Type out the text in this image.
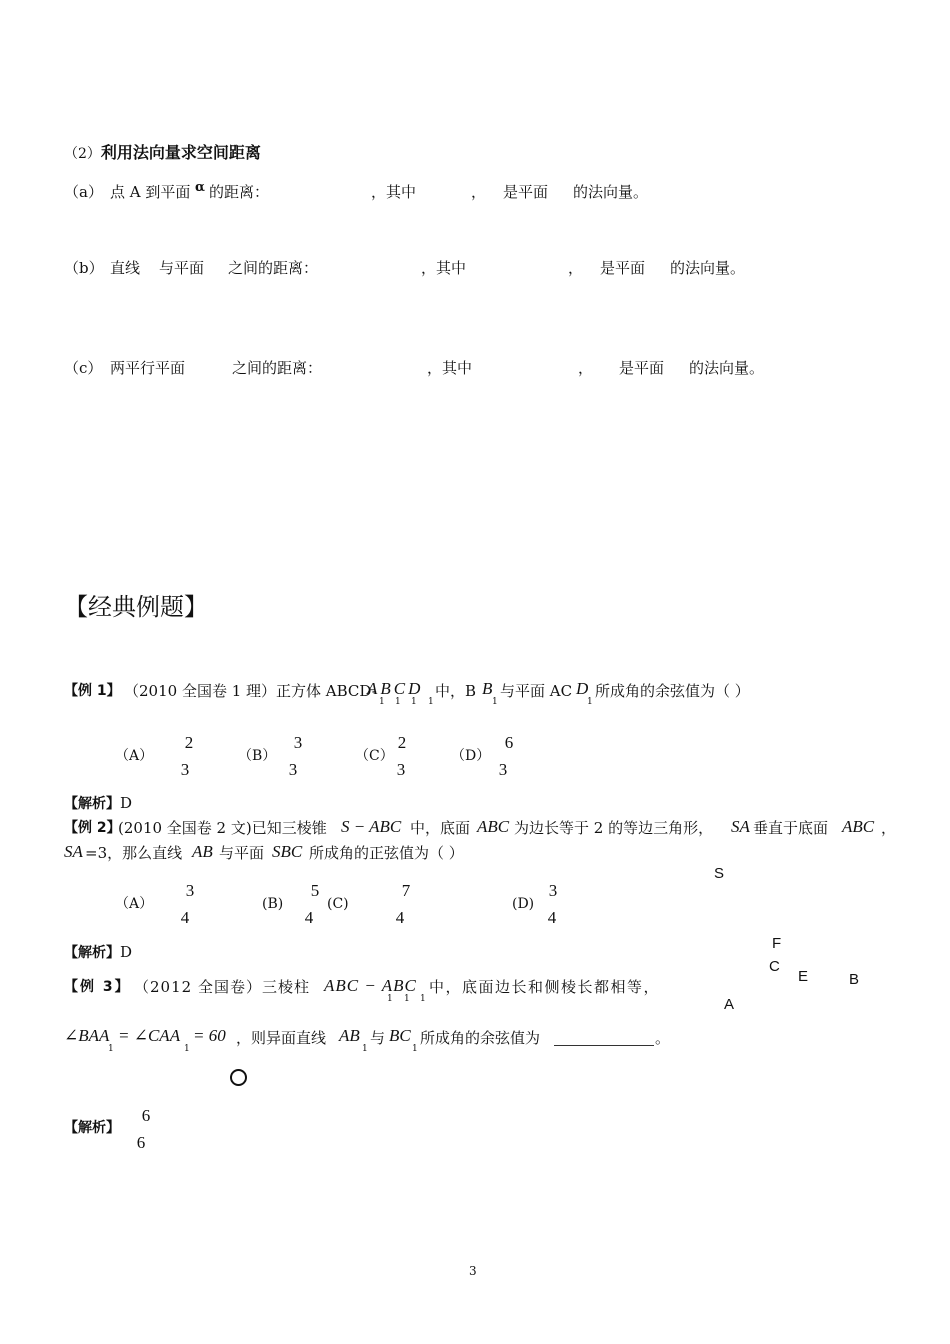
（2）利用法向量求空间距离
（a） 点 A 到平面 α 的距离：	，其中	， 是平面 的法向量。
（b） 直线 与平面 之间的距离：	，其中	， 是平面 的法向量。
（c） 两平行平面	之间的距离：	，其中	， 是平面 的法向量。
【经典例题】
【例 1】 （2010 全国卷 1 理）正方体 ABCD-
ABCD
1 1 1 1
中，B B
1
与平面 AC D
1
所成角的余弦值为（ ）
（A）
2
3
（B）
3
3
（C）
2
3
（D）
6
3
【解析】D
【例 2】
(2010 全国卷 2 文)已知三棱锥 S − ABC 中，底面 ABC 为边长等于 2 的等边三角形， SA 垂直于底面 ABC ，
SA =3，那么直线 AB 与平面 SBC 所成角的正弦值为（ ）
（A）
3
4
(B)
5
4
(C)
7
4
(D)
3
4
【解析】D
S
F
C
E	B
A
【例 3】 （2012 全国卷）三棱柱 ABC − ABC
1 1 1
中，底面边长和侧棱长都相等，
∠BAA
1
= ∠CAA
1
= 60 ，则异面直线 AB
1
与 BC
1
所成角的余弦值为	。
【解析】
6
6
3
